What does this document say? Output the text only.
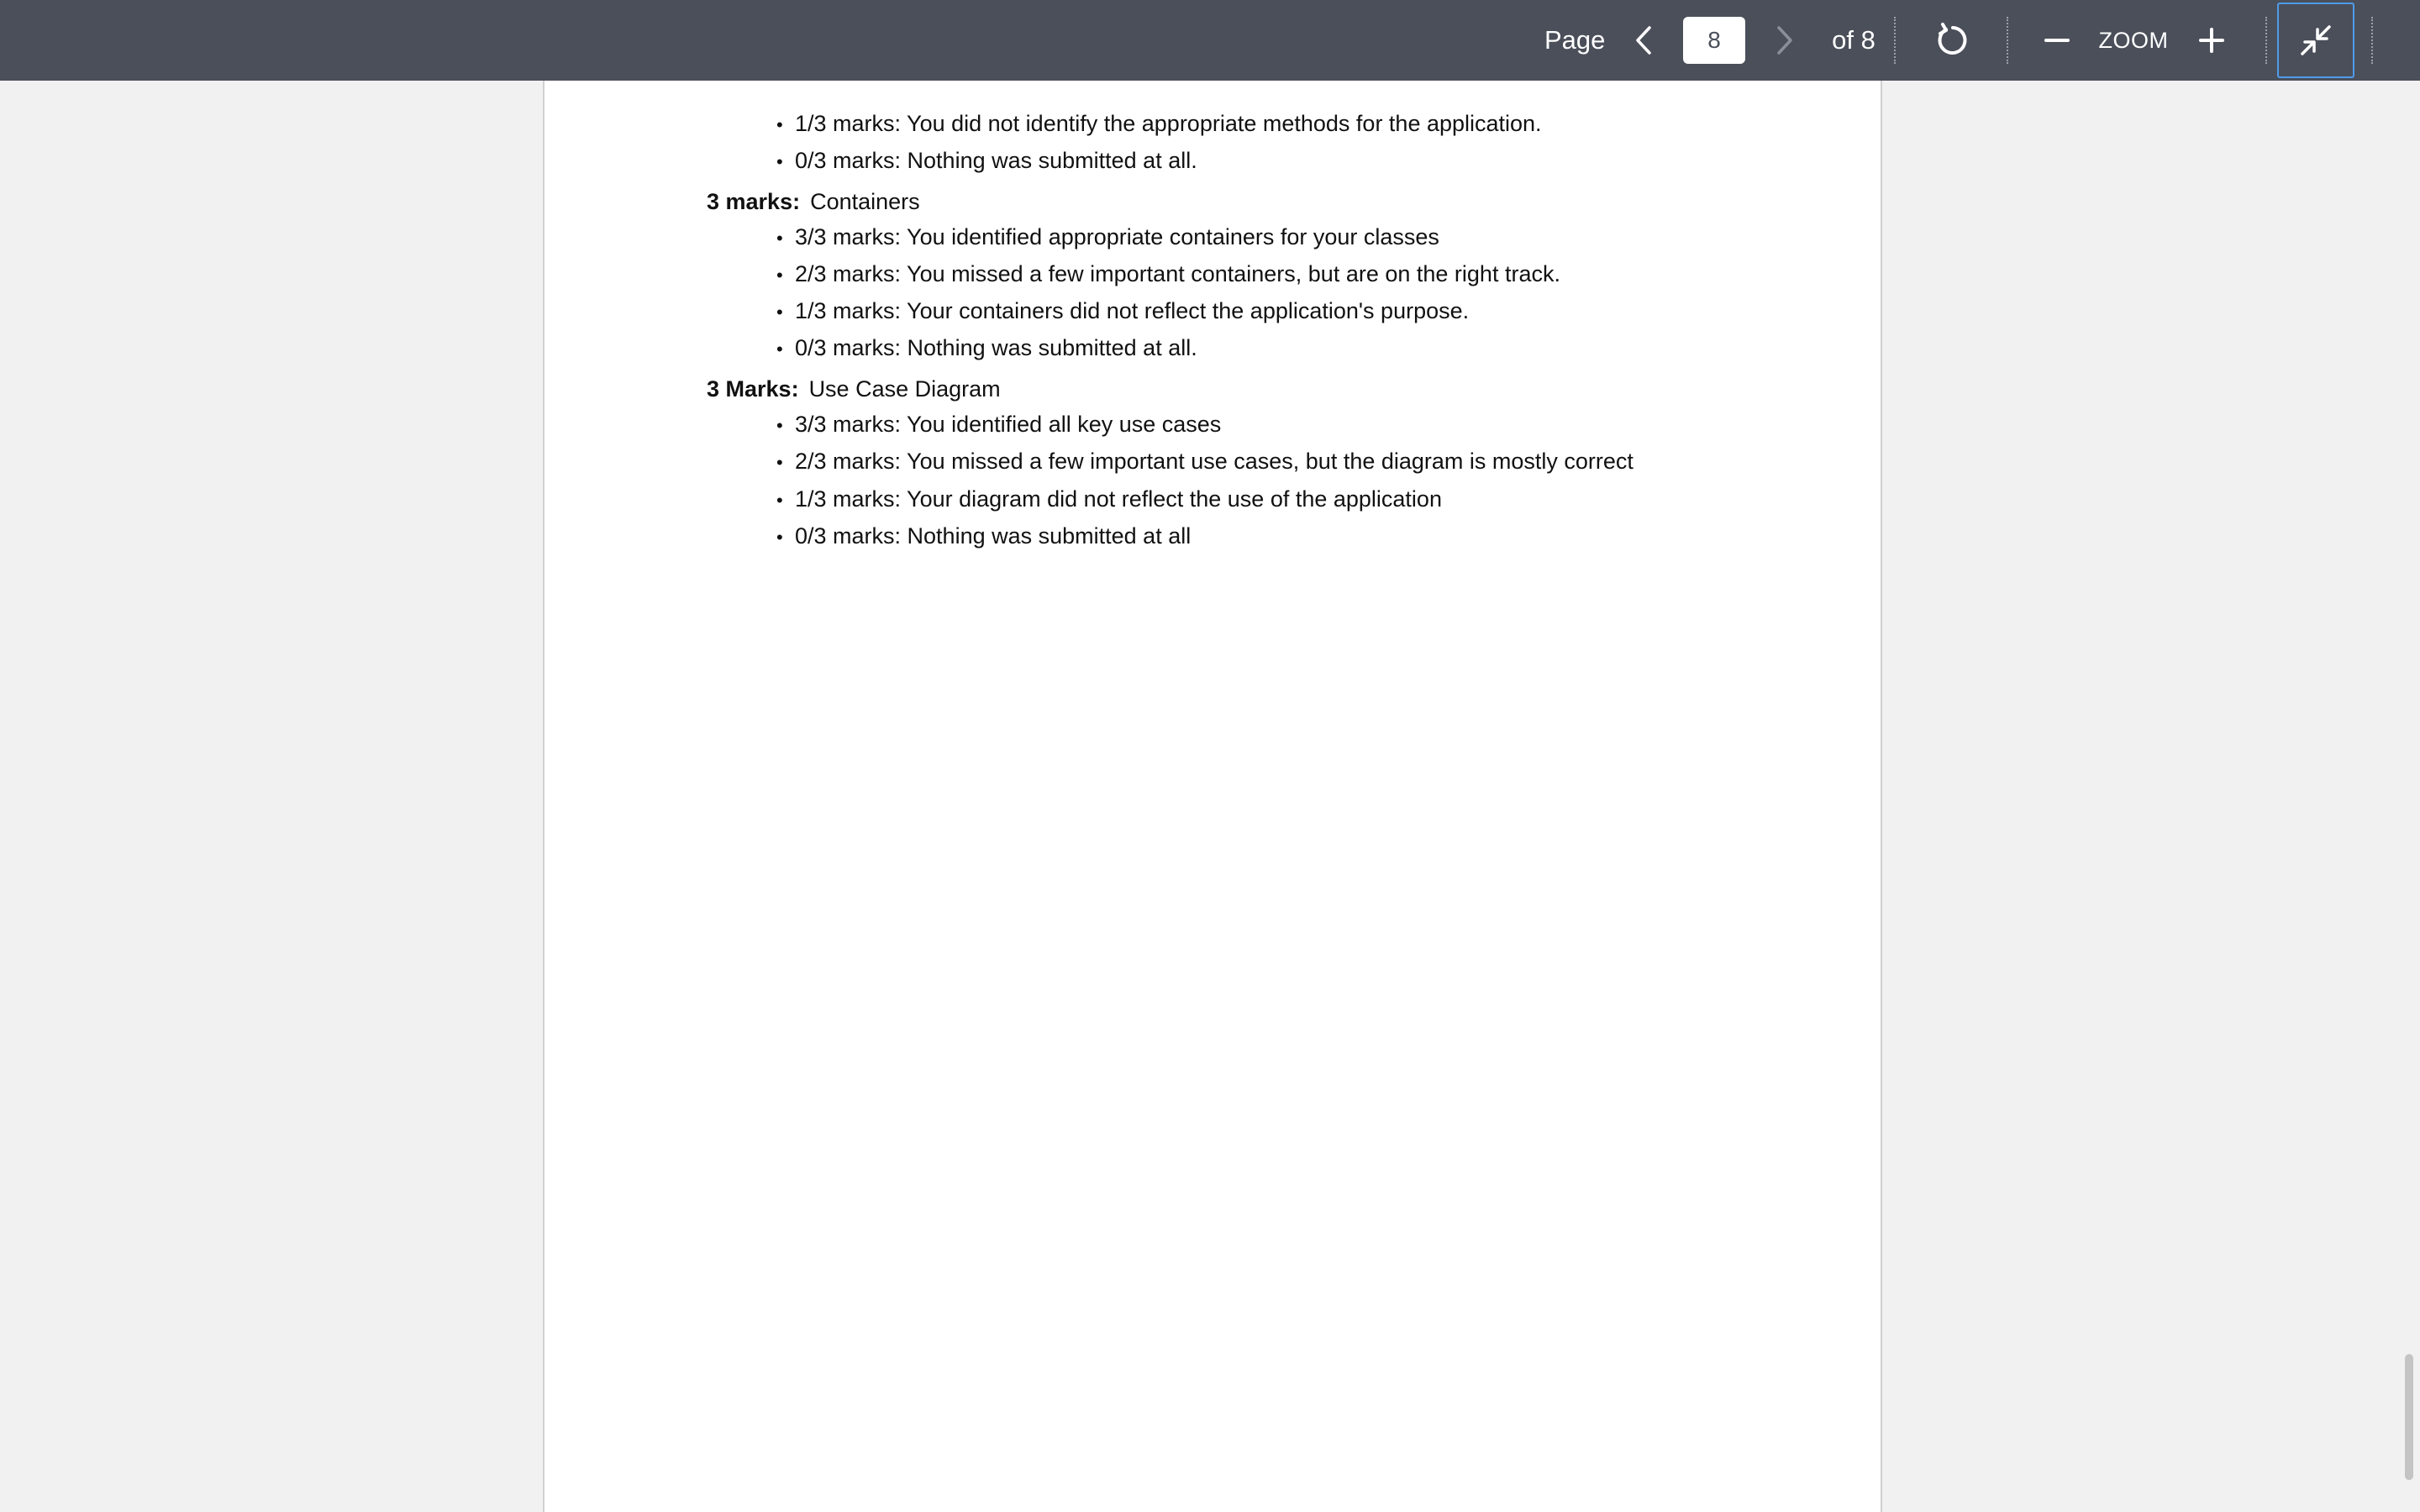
Page
8	of 8	ZOOM
• 1/3 marks: You did not identify the appropriate methods for the application.
• 0/3 marks: Nothing was submitted at all.
3 marks: Containers
• 3/3 marks: You identified appropriate containers for your classes
• 2/3 marks: You missed a few important containers, but are on the right track.
• 1/3 marks: Your containers did not reflect the application's purpose.
• 0/3 marks: Nothing was submitted at all.
3 Marks: Use Case Diagram
• 3/3 marks: You identified all key use cases
• 2/3 marks: You missed a few important use cases, but the diagram is mostly correct
• 1/3 marks: Your diagram did not reflect the use of the application
• 0/3 marks: Nothing was submitted at all
